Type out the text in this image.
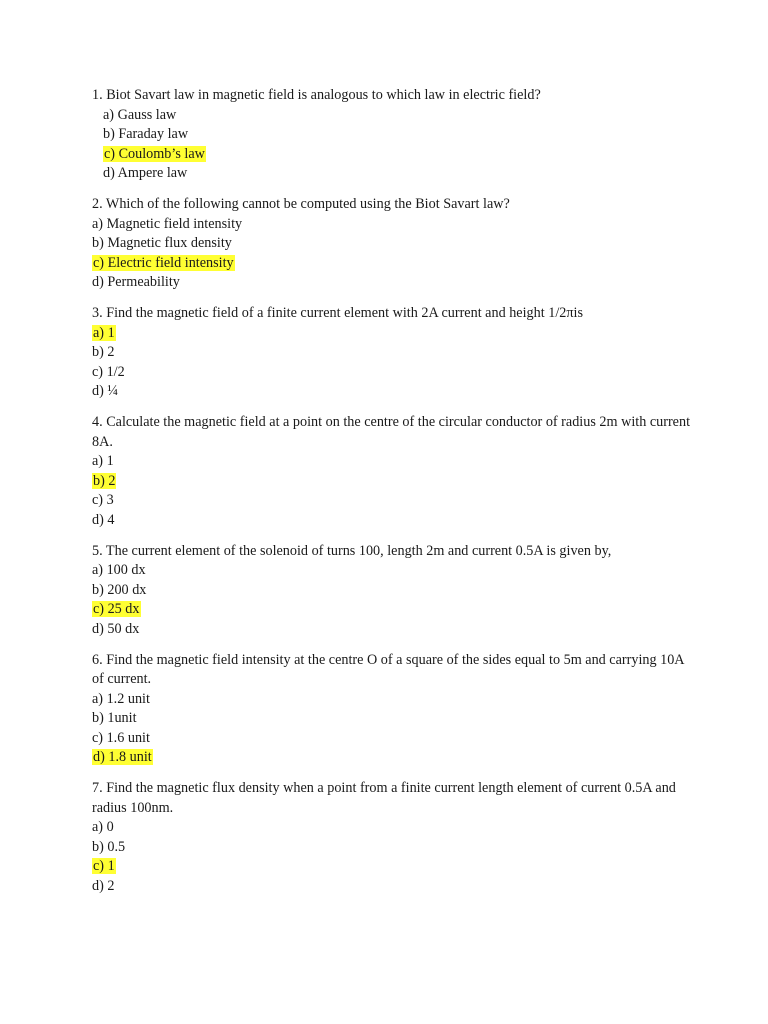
1. Biot Savart law in magnetic field is analogous to which law in electric field?
a) Gauss law
b) Faraday law
c) Coulomb’s law
d) Ampere law
2. Which of the following cannot be computed using the Biot Savart law?
a) Magnetic field intensity
b) Magnetic flux density
c) Electric field intensity
d) Permeability
3. Find the magnetic field of a finite current element with 2A current and height 1/2πis
a) 1
b) 2
c) 1/2
d) ¼
4. Calculate the magnetic field at a point on the centre of the circular conductor of radius 2m with current 8A.
a) 1
b) 2
c) 3
d) 4
5. The current element of the solenoid of turns 100, length 2m and current 0.5A is given by,
a) 100 dx
b) 200 dx
c) 25 dx
d) 50 dx
6. Find the magnetic field intensity at the centre O of a square of the sides equal to 5m and carrying 10A of current.
a) 1.2 unit
b) 1unit
c) 1.6 unit
d) 1.8 unit
7. Find the magnetic flux density when a point from a finite current length element of current 0.5A and radius 100nm.
a) 0
b) 0.5
c) 1
d) 2
